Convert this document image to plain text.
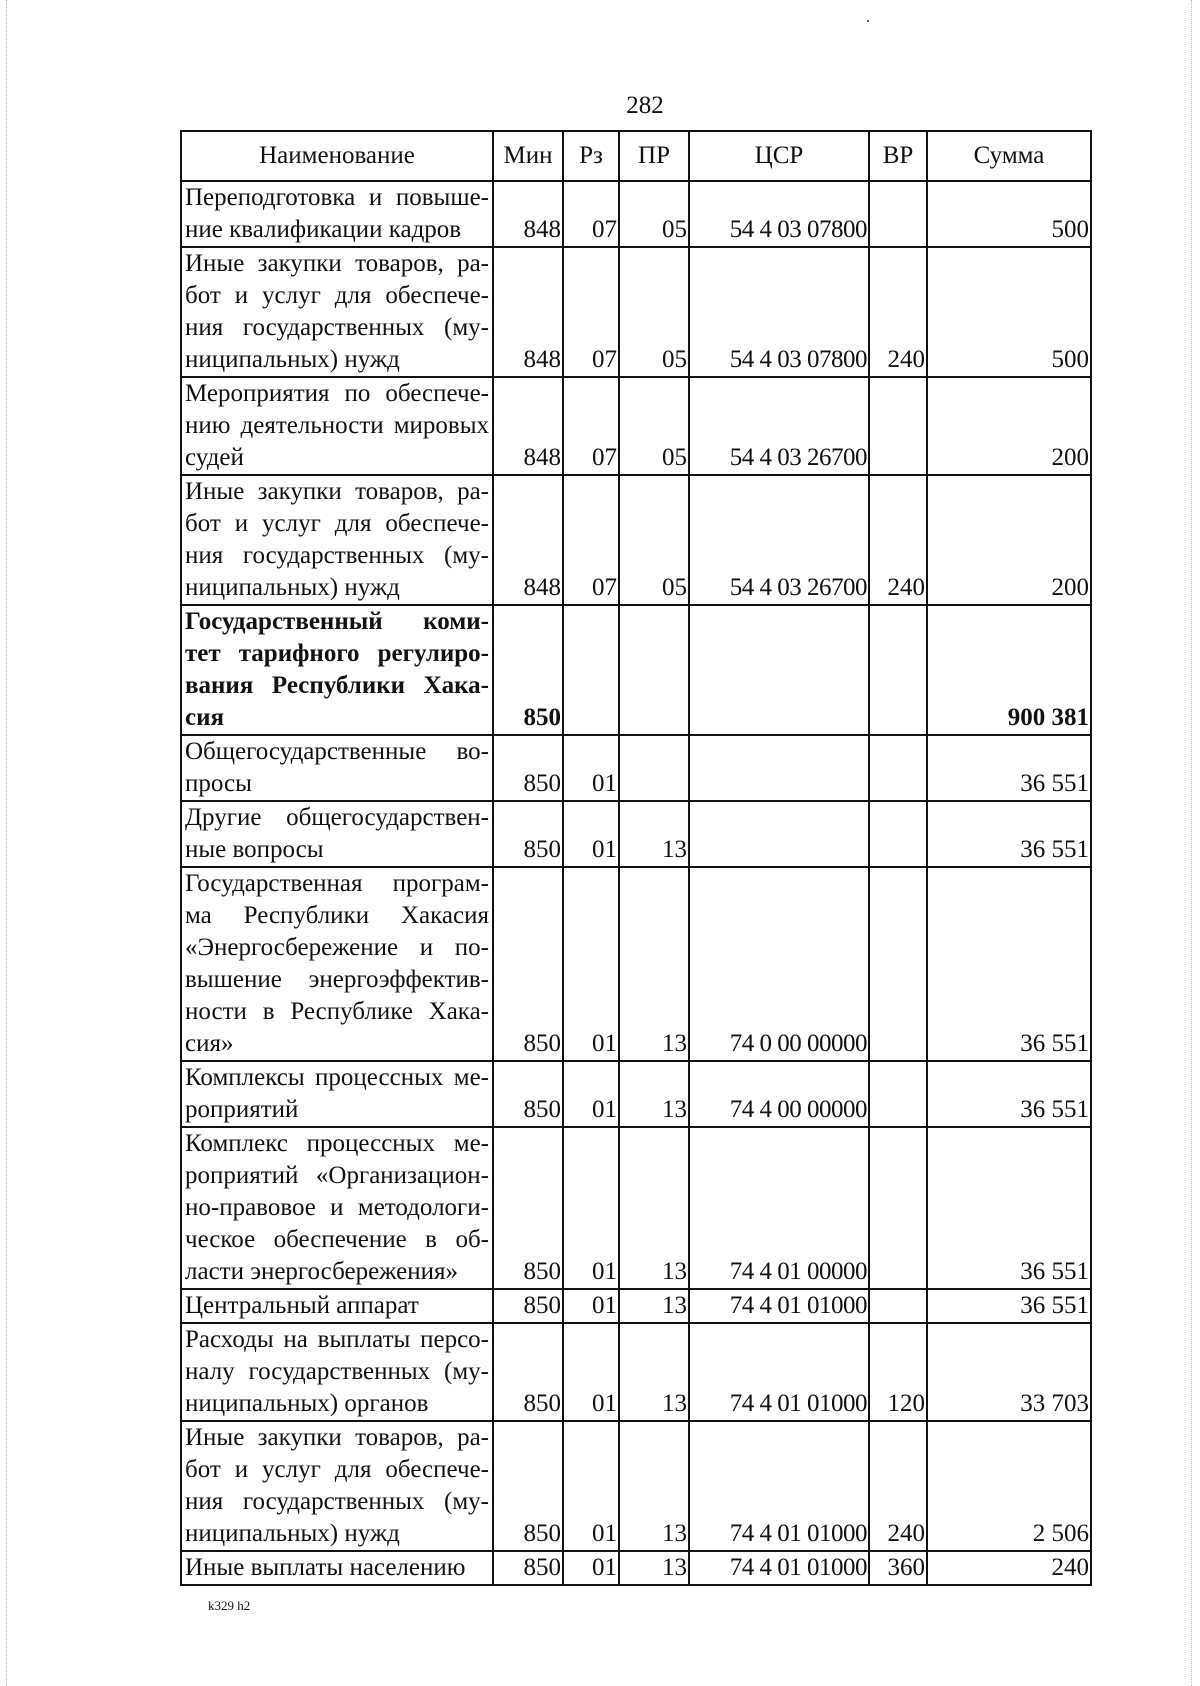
282
Наименование	Мин	Рз	ПР	ЦСР	ВР	Сумма
Переподготовка и повыше-ние квалификации кадров	848	07	05	54 4 03 07800		500
Иные закупки товаров, ра-бот и услуг для обеспече-ния государственных (му-ниципальных) нужд	848	07	05	54 4 03 07800	240	500
Мероприятия по обеспече-нию деятельности мировых судей	848	07	05	54 4 03 26700		200
Иные закупки товаров, ра-бот и услуг для обеспече-ния государственных (му-ниципальных) нужд	848	07	05	54 4 03 26700	240	200
Государственный коми-тет тарифного регулиро-вания Республики Хака-сия	850					900 381
Общегосударственные во-просы	850	01				36 551
Другие общегосударствен-ные вопросы	850	01	13			36 551
Государственная програм-ма Республики Хакасия «Энергосбережение и по-вышение энергоэффектив-ности в Республике Хака-сия»	850	01	13	74 0 00 00000		36 551
Комплексы процессных ме-роприятий	850	01	13	74 4 00 00000		36 551
Комплекс процессных ме-роприятий «Организацион-но-правовое и методологи-ческое обеспечение в об-ласти энергосбережения»	850	01	13	74 4 01 00000		36 551
Центральный аппарат	850	01	13	74 4 01 01000		36 551
Расходы на выплаты персо-налу государственных (му-ниципальных) органов	850	01	13	74 4 01 01000	120	33 703
Иные закупки товаров, ра-бот и услуг для обеспече-ния государственных (му-ниципальных) нужд	850	01	13	74 4 01 01000	240	2 506
Иные выплаты населению	850	01	13	74 4 01 01000	360	240
k329 h2
